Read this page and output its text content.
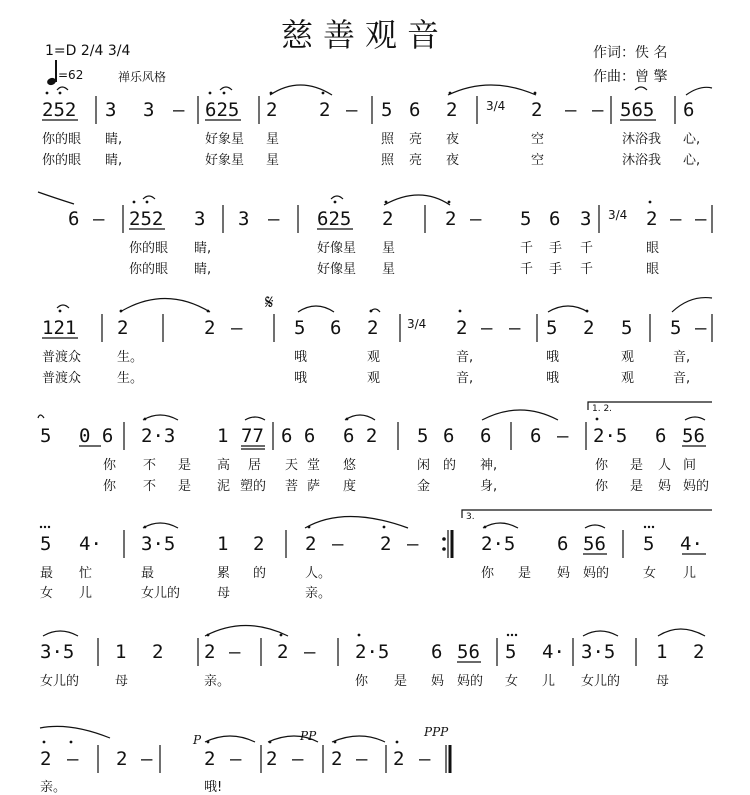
慈善观音
1=D 2/4 3/4
=62	禅乐风格
作词：佚 名
作曲：曾 擎
252 3 3 – 625 2 2 – 5 6 2 3/4 2 – – 565 6
你的眼 睛,	好象星 星	照 亮 夜	空	沐浴我 心,
你的眼 睛,	好象星 星	照 亮 夜	空	沐浴我 心,
6 – 252 3 3 – 625 2	2 – 5 6 3 3/4 2 – –
你的眼 睛,	好像星 星	千 手 千	眼
你的眼 睛,	好像星 星	千 手 千	眼
121 2	2 –
𝄋
5 6 2 3/4 2 – – 5 2 5 5 –
普渡众	生。	哦	观	音,	哦	观	音,
普渡众	生。	哦	观	音,	哦	观	音,
5 0 6 2·3 1 77 6 6 6 2 5 6 6 6 –
1. 2.
2·5 6 56
你 不 是 高 居 天 堂 悠	闲 的 神,	你 是 人 间
你 不 是 泥 塑的 菩 萨 度	金	身,	你 是 妈 妈的
5 4· 3·5 1 2 2 – 2 –
3.
2·5 6 56 5 4·
最 忙	最	累 的	人。	你 是 妈 妈的	女 儿
女 儿	女儿的	母	亲。
3·5 1 2 2 – 2 – 2·5 6 56 5 4· 3·5 1 2
女儿的	母	亲。	你 是 妈 妈的 女 儿 女儿的	母
2 – 2 –	2 – 2 – 2 – 2 –
P	PP	PPP
亲。	哦!
